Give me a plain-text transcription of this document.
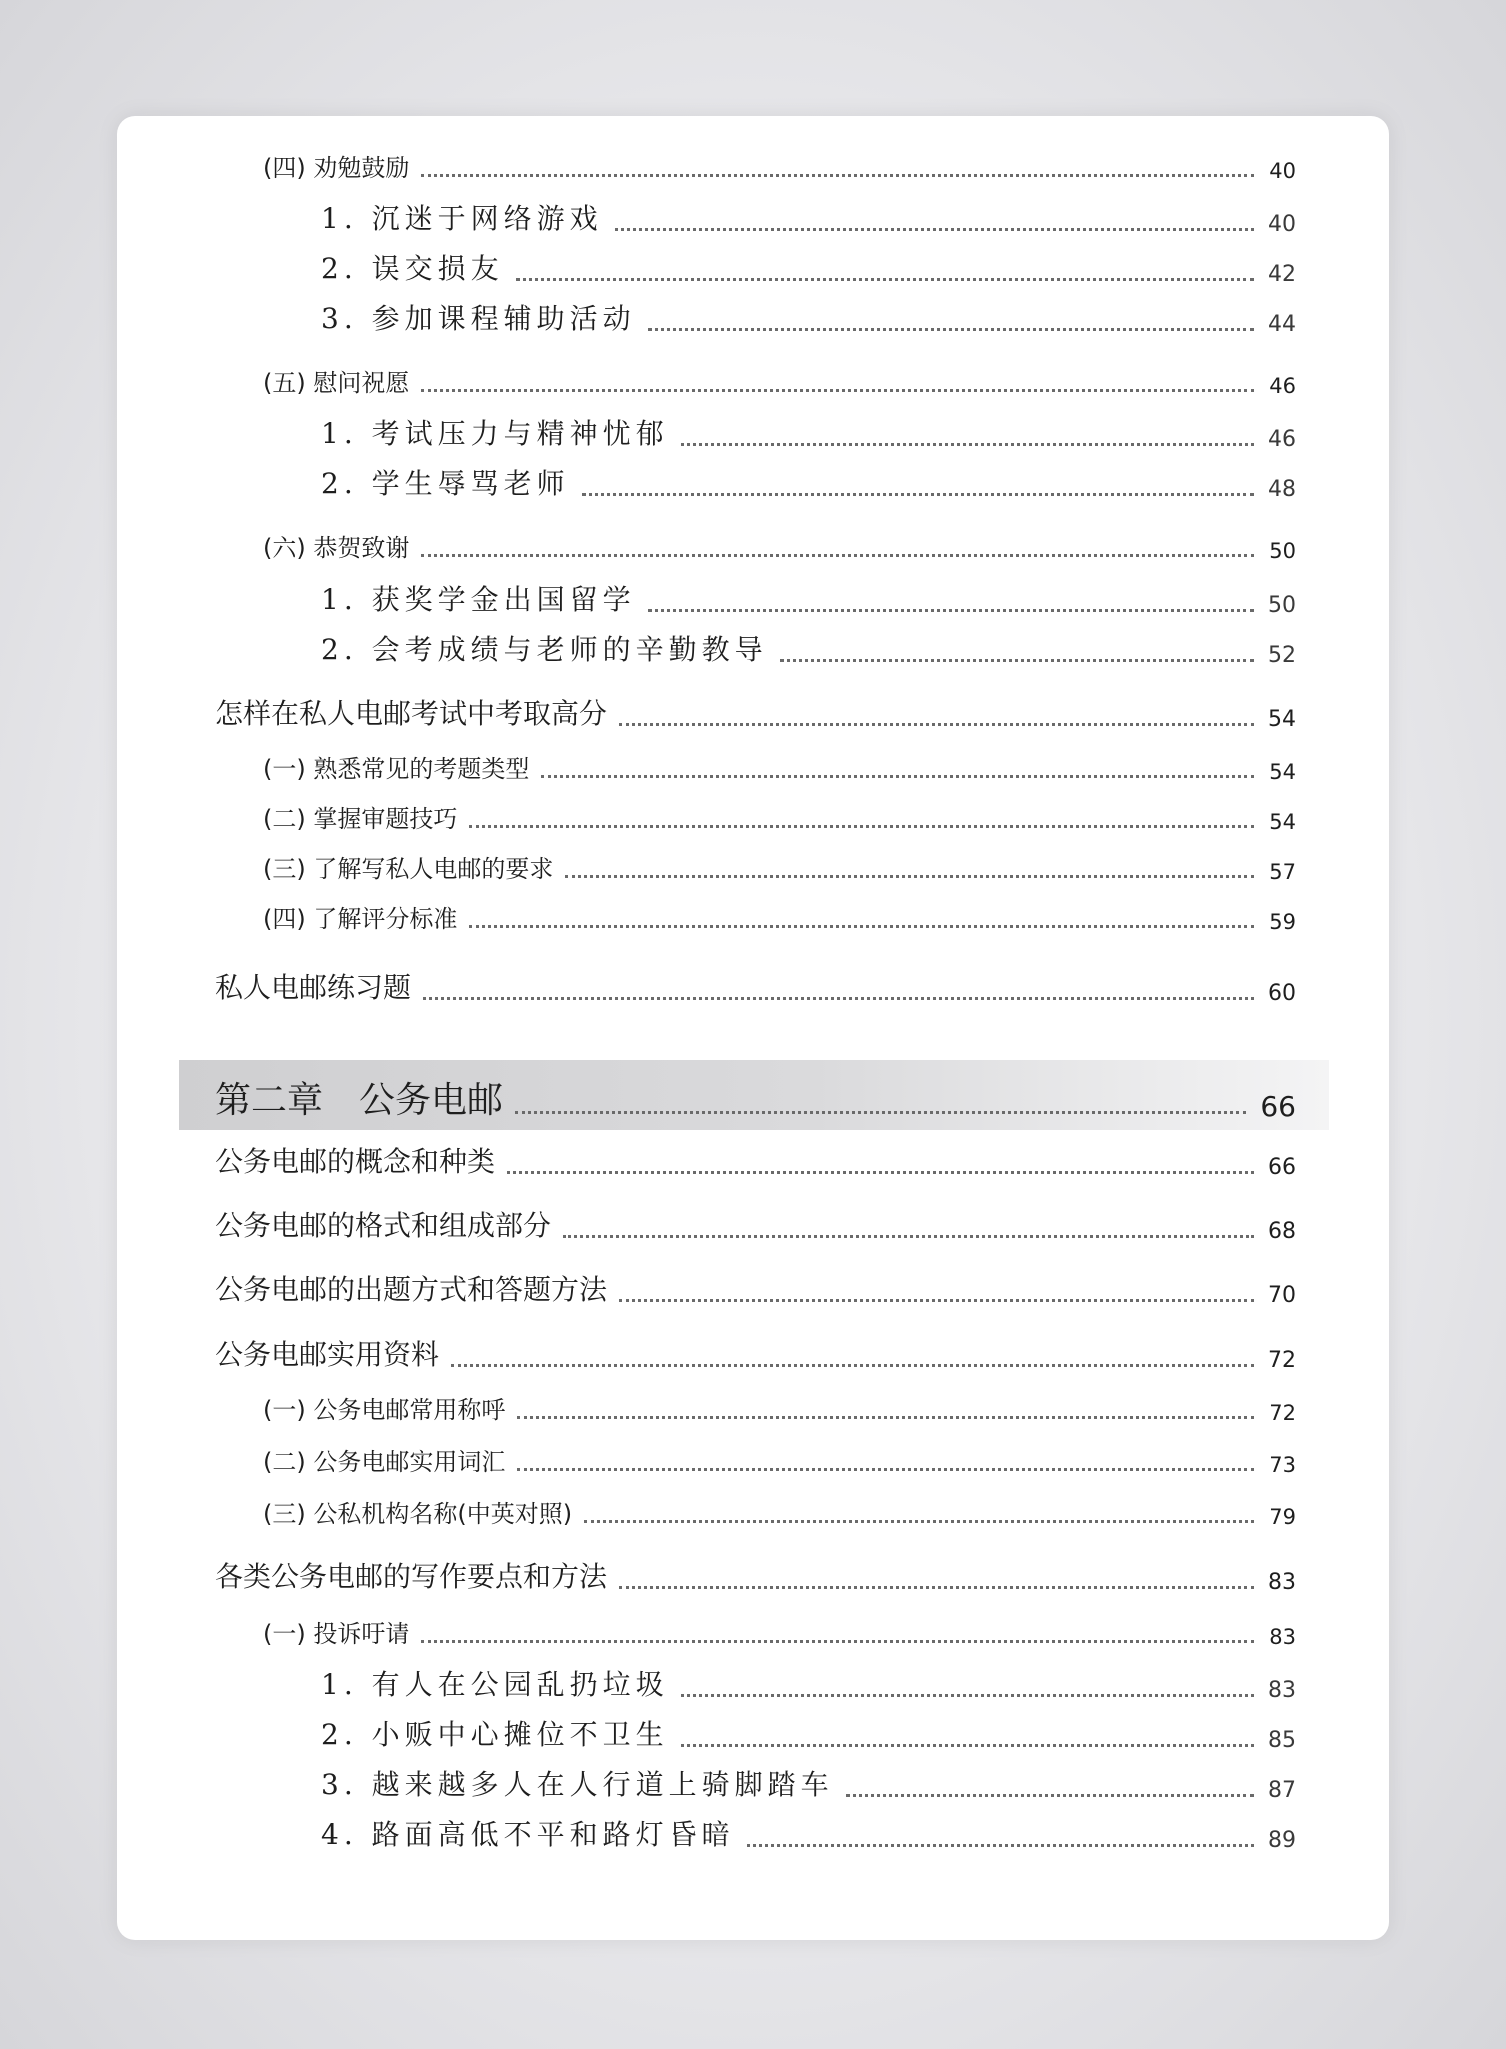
(四) 劝勉鼓励	40
1. 沉迷于网络游戏	40
2. 误交损友	42
3. 参加课程辅助活动	44
(五) 慰问祝愿	46
1. 考试压力与精神忧郁	46
2. 学生辱骂老师	48
(六) 恭贺致谢	50
1. 获奖学金出国留学	50
2. 会考成绩与老师的辛勤教导	52
怎样在私人电邮考试中考取高分	54
(一) 熟悉常见的考题类型	54
(二) 掌握审题技巧	54
(三) 了解写私人电邮的要求	57
(四) 了解评分标准	59
私人电邮练习题	60
第二章　公务电邮	66
公务电邮的概念和种类	66
公务电邮的格式和组成部分	68
公务电邮的出题方式和答题方法	70
公务电邮实用资料	72
(一) 公务电邮常用称呼	72
(二) 公务电邮实用词汇	73
(三) 公私机构名称(中英对照)	79
各类公务电邮的写作要点和方法	83
(一) 投诉吁请	83
1. 有人在公园乱扔垃圾	83
2. 小贩中心摊位不卫生	85
3. 越来越多人在人行道上骑脚踏车	87
4. 路面高低不平和路灯昏暗	89
